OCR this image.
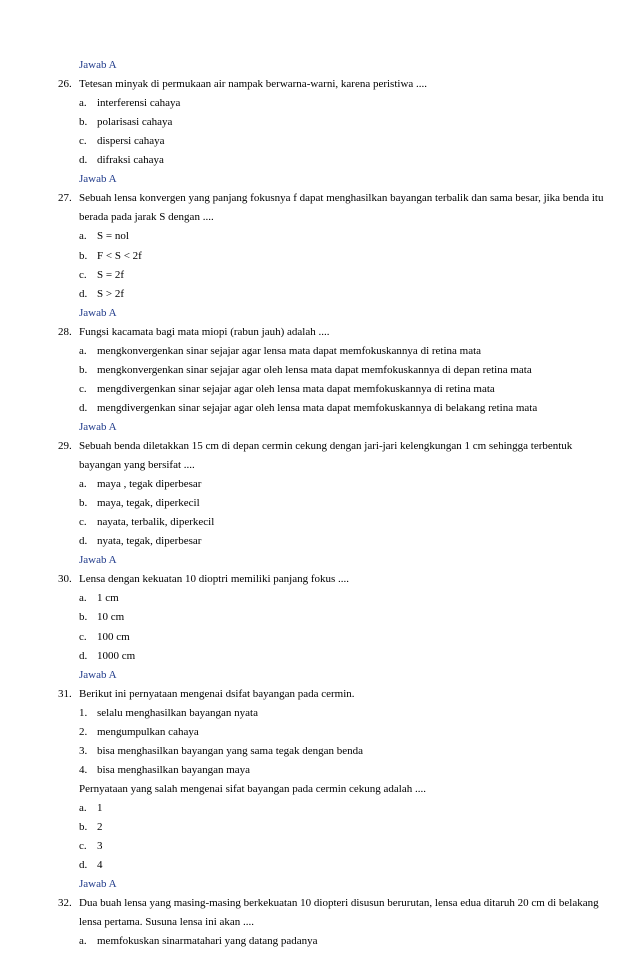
Jawab A
26. Tetesan minyak di permukaan air nampak berwarna-warni, karena peristiwa ....
a. interferensi cahaya
b. polarisasi cahaya
c. dispersi cahaya
d. difraksi cahaya
Jawab A
27. Sebuah lensa konvergen yang panjang fokusnya f dapat menghasilkan bayangan terbalik dan sama besar, jika benda itu
berada pada jarak S dengan ....
a. S = nol
b. F < S < 2f
c. S = 2f
d. S > 2f
Jawab A
28. Fungsi kacamata bagi mata miopi (rabun jauh) adalah ....
a. mengkonvergenkan sinar sejajar agar lensa mata dapat memfokuskannya di retina mata
b. mengkonvergenkan sinar sejajar agar oleh lensa mata dapat memfokuskannya di depan retina mata
c. mengdivergenkan sinar sejajar agar oleh lensa mata dapat memfokuskannya di retina mata
d. mengdivergenkan sinar sejajar agar oleh lensa mata dapat memfokuskannya di belakang retina mata
Jawab A
29. Sebuah benda diletakkan 15 cm di depan cermin cekung dengan jari-jari kelengkungan 1 cm sehingga terbentuk
bayangan yang bersifat ....
a. maya , tegak diperbesar
b. maya, tegak, diperkecil
c. nayata, terbalik, diperkecil
d. nyata, tegak, diperbesar
Jawab A
30. Lensa dengan kekuatan 10 dioptri memiliki panjang fokus ....
a. 1 cm
b. 10 cm
c. 100 cm
d. 1000 cm
Jawab A
31. Berikut ini pernyataan mengenai dsifat bayangan pada cermin.
1. selalu menghasilkan bayangan nyata
2. mengumpulkan cahaya
3. bisa menghasilkan bayangan yang sama tegak dengan benda
4. bisa menghasilkan bayangan maya
Pernyataan yang salah mengenai sifat bayangan pada cermin cekung adalah ....
a. 1
b. 2
c. 3
d. 4
Jawab A
32. Dua buah lensa yang masing-masing berkekuatan 10 diopteri disusun berurutan, lensa edua ditaruh 20 cm di belakang
lensa pertama. Susuna lensa ini akan ....
a. memfokuskan sinarmatahari yang datang padanya
